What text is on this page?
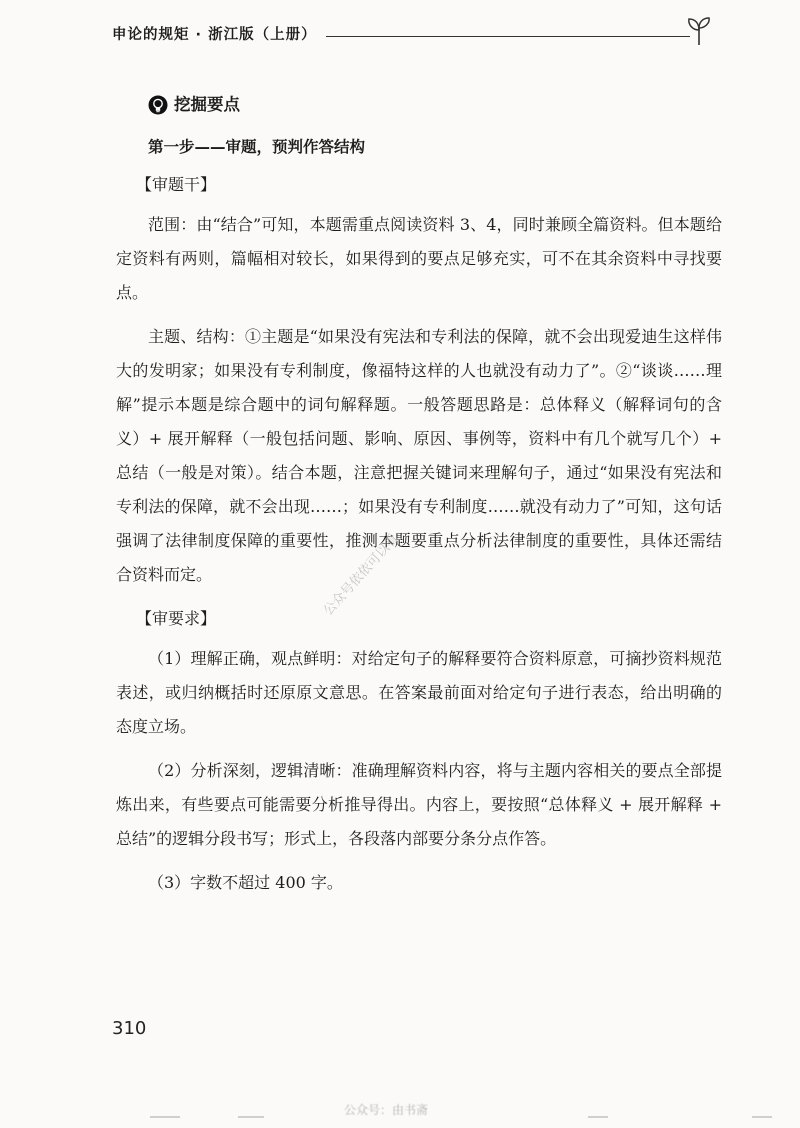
申论的规矩 · 浙江版（上册）

挖掘要点

第一步——审题，预判作答结构

【审题干】

范围：由“结合”可知，本题需重点阅读资料 3、4，同时兼顾全篇资料。但本题给定资料有两则，篇幅相对较长，如果得到的要点足够充实，可不在其余资料中寻找要点。

主题、结构：①主题是“如果没有宪法和专利法的保障，就不会出现爱迪生这样伟大的发明家；如果没有专利制度，像福特这样的人也就没有动力了”。②“谈谈……理解”提示本题是综合题中的词句解释题。一般答题思路是：总体释义（解释词句的含义）+ 展开解释（一般包括问题、影响、原因、事例等，资料中有几个就写几个）+ 总结（一般是对策）。结合本题，注意把握关键词来理解句子，通过“如果没有宪法和专利法的保障，就不会出现……；如果没有专利制度……就没有动力了”可知，这句话强调了法律制度保障的重要性，推测本题要重点分析法律制度的重要性，具体还需结合资料而定。

【审要求】

（1）理解正确，观点鲜明：对给定句子的解释要符合资料原意，可摘抄资料规范表述，或归纳概括时还原原文意思。在答案最前面对给定句子进行表态，给出明确的态度立场。

（2）分析深刻，逻辑清晰：准确理解资料内容，将与主题内容相关的要点全部提炼出来，有些要点可能需要分析推导得出。内容上，要按照“总体释义 + 展开解释 + 总结”的逻辑分段书写；形式上，各段落内部要分条分点作答。

（3）字数不超过 400 字。

公众号依依可以看
310
公众号：由书斋
